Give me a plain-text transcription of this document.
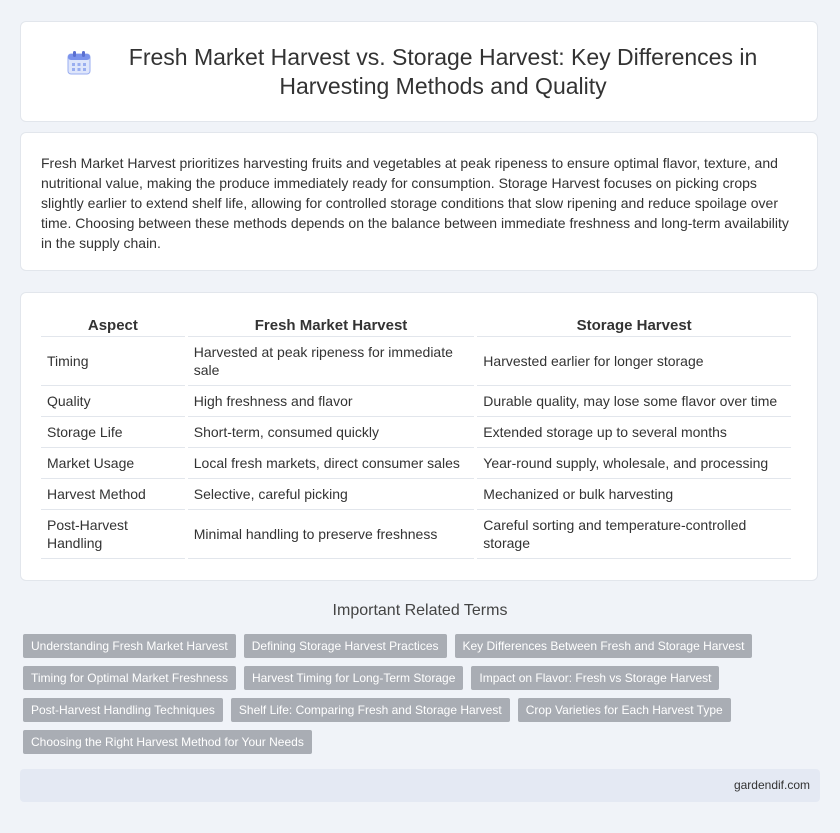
Fresh Market Harvest vs. Storage Harvest: Key Differences in Harvesting Methods and Quality

Fresh Market Harvest prioritizes harvesting fruits and vegetables at peak ripeness to ensure optimal flavor, texture, and nutritional value, making the produce immediately ready for consumption. Storage Harvest focuses on picking crops slightly earlier to extend shelf life, allowing for controlled storage conditions that slow ripening and reduce spoilage over time. Choosing between these methods depends on the balance between immediate freshness and long-term availability in the supply chain.

Aspect	Fresh Market Harvest	Storage Harvest
Timing	Harvested at peak ripeness for immediate sale	Harvested earlier for longer storage
Quality	High freshness and flavor	Durable quality, may lose some flavor over time
Storage Life	Short-term, consumed quickly	Extended storage up to several months
Market Usage	Local fresh markets, direct consumer sales	Year-round supply, wholesale, and processing
Harvest Method	Selective, careful picking	Mechanized or bulk harvesting
Post-Harvest Handling	Minimal handling to preserve freshness	Careful sorting and temperature-controlled storage
Important Related Terms
Understanding Fresh Market Harvest	Defining Storage Harvest Practices	Key Differences Between Fresh and Storage Harvest
Timing for Optimal Market Freshness	Harvest Timing for Long-Term Storage	Impact on Flavor: Fresh vs Storage Harvest
Post-Harvest Handling Techniques	Shelf Life: Comparing Fresh and Storage Harvest	Crop Varieties for Each Harvest Type
Choosing the Right Harvest Method for Your Needs
gardendif.com
